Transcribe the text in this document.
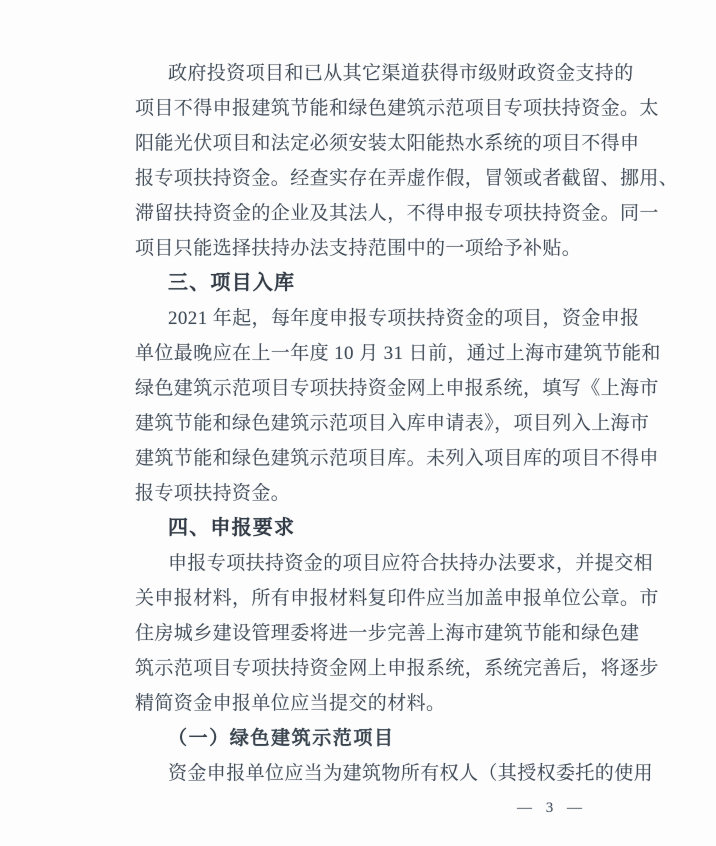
政府投资项目和已从其它渠道获得市级财政资金支持的

项目不得申报建筑节能和绿色建筑示范项目专项扶持资金。太

阳能光伏项目和法定必须安装太阳能热水系统的项目不得申

报专项扶持资金。经查实存在弄虚作假，冒领或者截留、挪用、

滞留扶持资金的企业及其法人，不得申报专项扶持资金。同一

项目只能选择扶持办法支持范围中的一项给予补贴。

三、项目入库

2021 年起，每年度申报专项扶持资金的项目，资金申报

单位最晚应在上一年度 10 月 31 日前，通过上海市建筑节能和

绿色建筑示范项目专项扶持资金网上申报系统，填写《上海市

建筑节能和绿色建筑示范项目入库申请表》，项目列入上海市

建筑节能和绿色建筑示范项目库。未列入项目库的项目不得申

报专项扶持资金。

四、申报要求

申报专项扶持资金的项目应符合扶持办法要求，并提交相

关申报材料，所有申报材料复印件应当加盖申报单位公章。市

住房城乡建设管理委将进一步完善上海市建筑节能和绿色建

筑示范项目专项扶持资金网上申报系统，系统完善后，将逐步

精简资金申报单位应当提交的材料。

（一）绿色建筑示范项目

资金申报单位应当为建筑物所有权人（其授权委托的使用

— 3 —
